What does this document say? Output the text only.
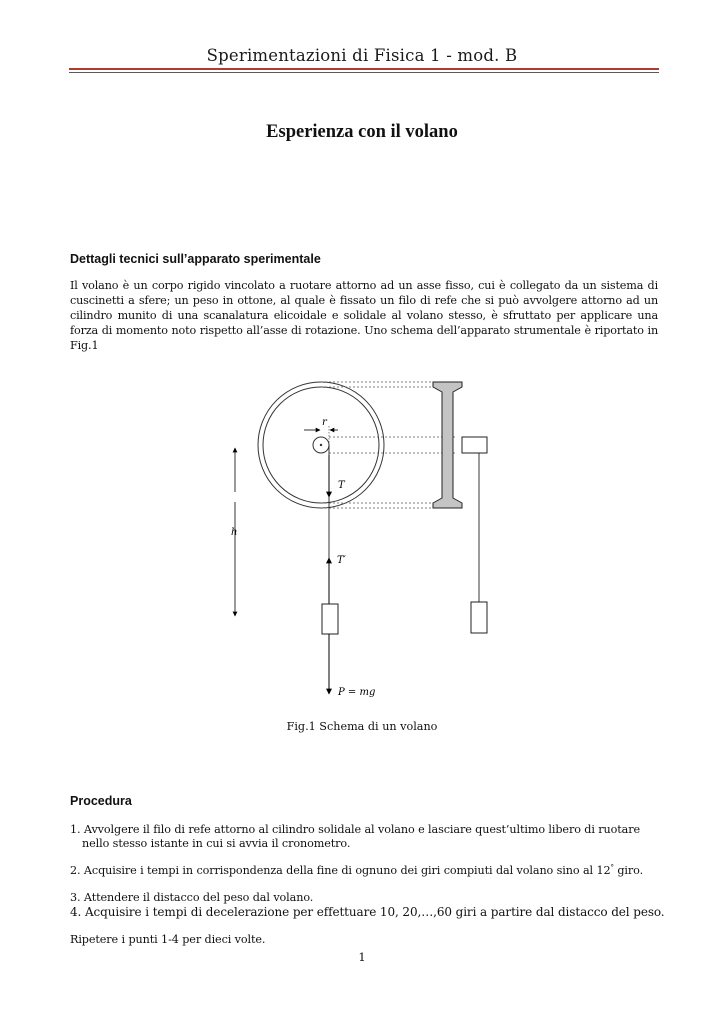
Sperimentazioni di Fisica 1 - mod. B
Esperienza con il volano
Dettagli tecnici sull’apparato sperimentale
Il volano è un corpo rigido vincolato a ruotare attorno ad un asse fisso, cui è collegato da un sistema di cuscinetti a sfere; un peso in ottone, al quale è fissato un filo di refe che si può avvolgere attorno ad un cilindro munito di una scanalatura elicoidale e solidale al volano stesso, è sfruttato per applicare una forza di momento noto rispetto all’asse di rotazione. Uno schema dell’apparato strumentale è riportato in Fig.1
r
T
T′
P = mg
h
Fig.1 Schema di un volano
Procedura
1. Avvolgere il filo di refe attorno al cilindro solidale al volano e lasciare quest’ultimo libero di ruotare
nello stesso istante in cui si avvia il cronometro.
2. Acquisire i tempi in corrispondenza della fine di ognuno dei giri compiuti dal volano sino al 12° giro.
3. Attendere il distacco del peso dal volano.
4. Acquisire i tempi di decelerazione per effettuare 10, 20,…,60 giri a partire dal distacco del peso.
Ripetere i punti 1-4 per dieci volte.
1
